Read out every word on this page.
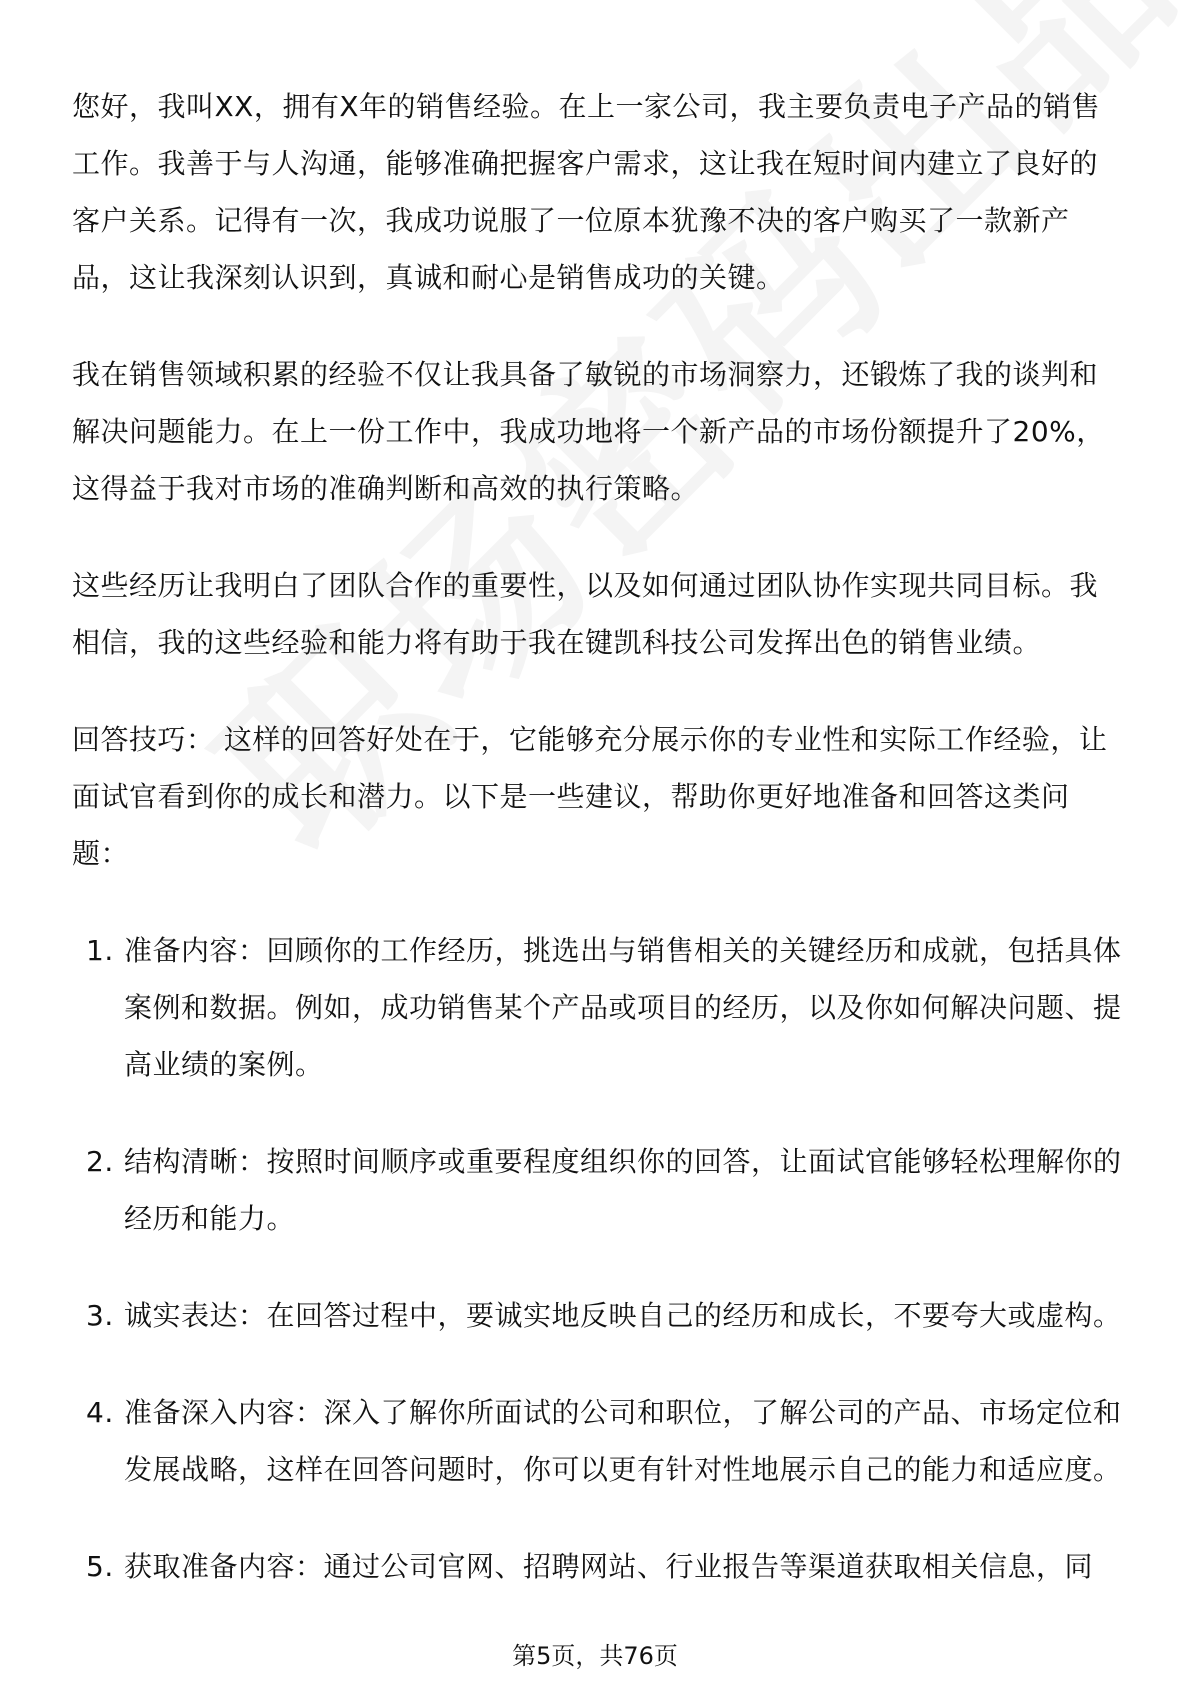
您好，我叫XX，拥有X年的销售经验。在上一家公司，我主要负责电子产品的销售工作。我善于与人沟通，能够准确把握客户需求，这让我在短时间内建立了良好的客户关系。记得有一次，我成功说服了一位原本犹豫不决的客户购买了一款新产品，这让我深刻认识到，真诚和耐心是销售成功的关键。

我在销售领域积累的经验不仅让我具备了敏锐的市场洞察力，还锻炼了我的谈判和解决问题能力。在上一份工作中，我成功地将一个新产品的市场份额提升了20%，这得益于我对市场的准确判断和高效的执行策略。

这些经历让我明白了团队合作的重要性，以及如何通过团队协作实现共同目标。我相信，我的这些经验和能力将有助于我在键凯科技公司发挥出色的销售业绩。

回答技巧： 这样的回答好处在于，它能够充分展示你的专业性和实际工作经验，让面试官看到你的成长和潜力。以下是一些建议，帮助你更好地准备和回答这类问题：

1. 准备内容：回顾你的工作经历，挑选出与销售相关的关键经历和成就，包括具体案例和数据。例如，成功销售某个产品或项目的经历，以及你如何解决问题、提高业绩的案例。
2. 结构清晰：按照时间顺序或重要程度组织你的回答，让面试官能够轻松理解你的经历和能力。
3. 诚实表达：在回答过程中，要诚实地反映自己的经历和成长，不要夸大或虚构。
4. 准备深入内容：深入了解你所面试的公司和职位，了解公司的产品、市场定位和发展战略，这样在回答问题时，你可以更有针对性地展示自己的能力和适应度。
5. 获取准备内容：通过公司官网、招聘网站、行业报告等渠道获取相关信息，同
第5页，共76页
